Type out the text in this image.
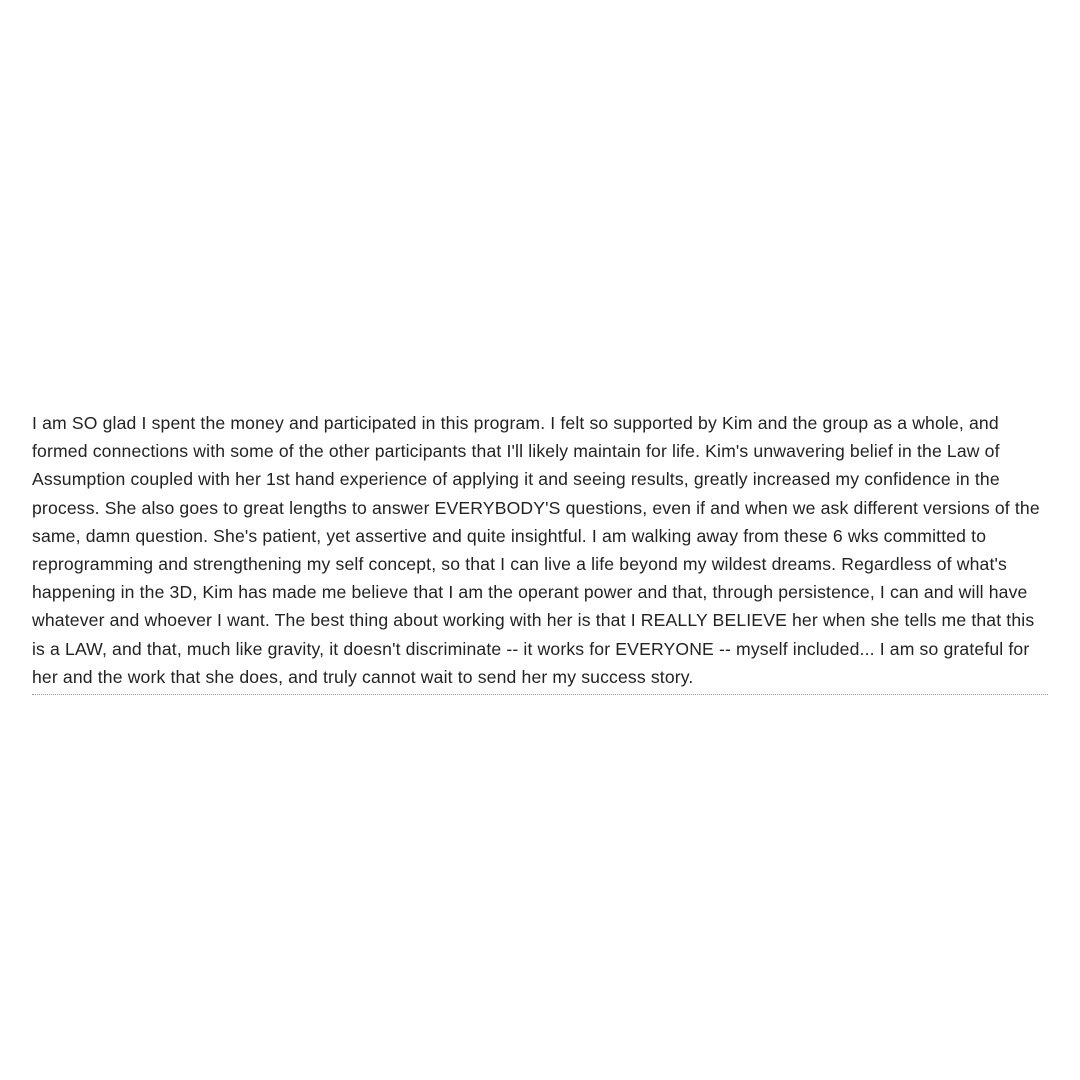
I am SO glad I spent the money and participated in this program. I felt so supported by Kim and the group as a whole, and formed connections with some of the other participants that I'll likely maintain for life. Kim's unwavering belief in the Law of Assumption coupled with her 1st hand experience of applying it and seeing results, greatly increased my confidence in the process. She also goes to great lengths to answer EVERYBODY'S questions, even if and when we ask different versions of the same, damn question. She's patient, yet assertive and quite insightful. I am walking away from these 6 wks committed to reprogramming and strengthening my self concept, so that I can live a life beyond my wildest dreams. Regardless of what's happening in the 3D, Kim has made me believe that I am the operant power and that, through persistence, I can and will have whatever and whoever I want. The best thing about working with her is that I REALLY BELIEVE her when she tells me that this is a LAW, and that, much like gravity, it doesn't discriminate -- it works for EVERYONE -- myself included... I am so grateful for her and the work that she does, and truly cannot wait to send her my success story.
